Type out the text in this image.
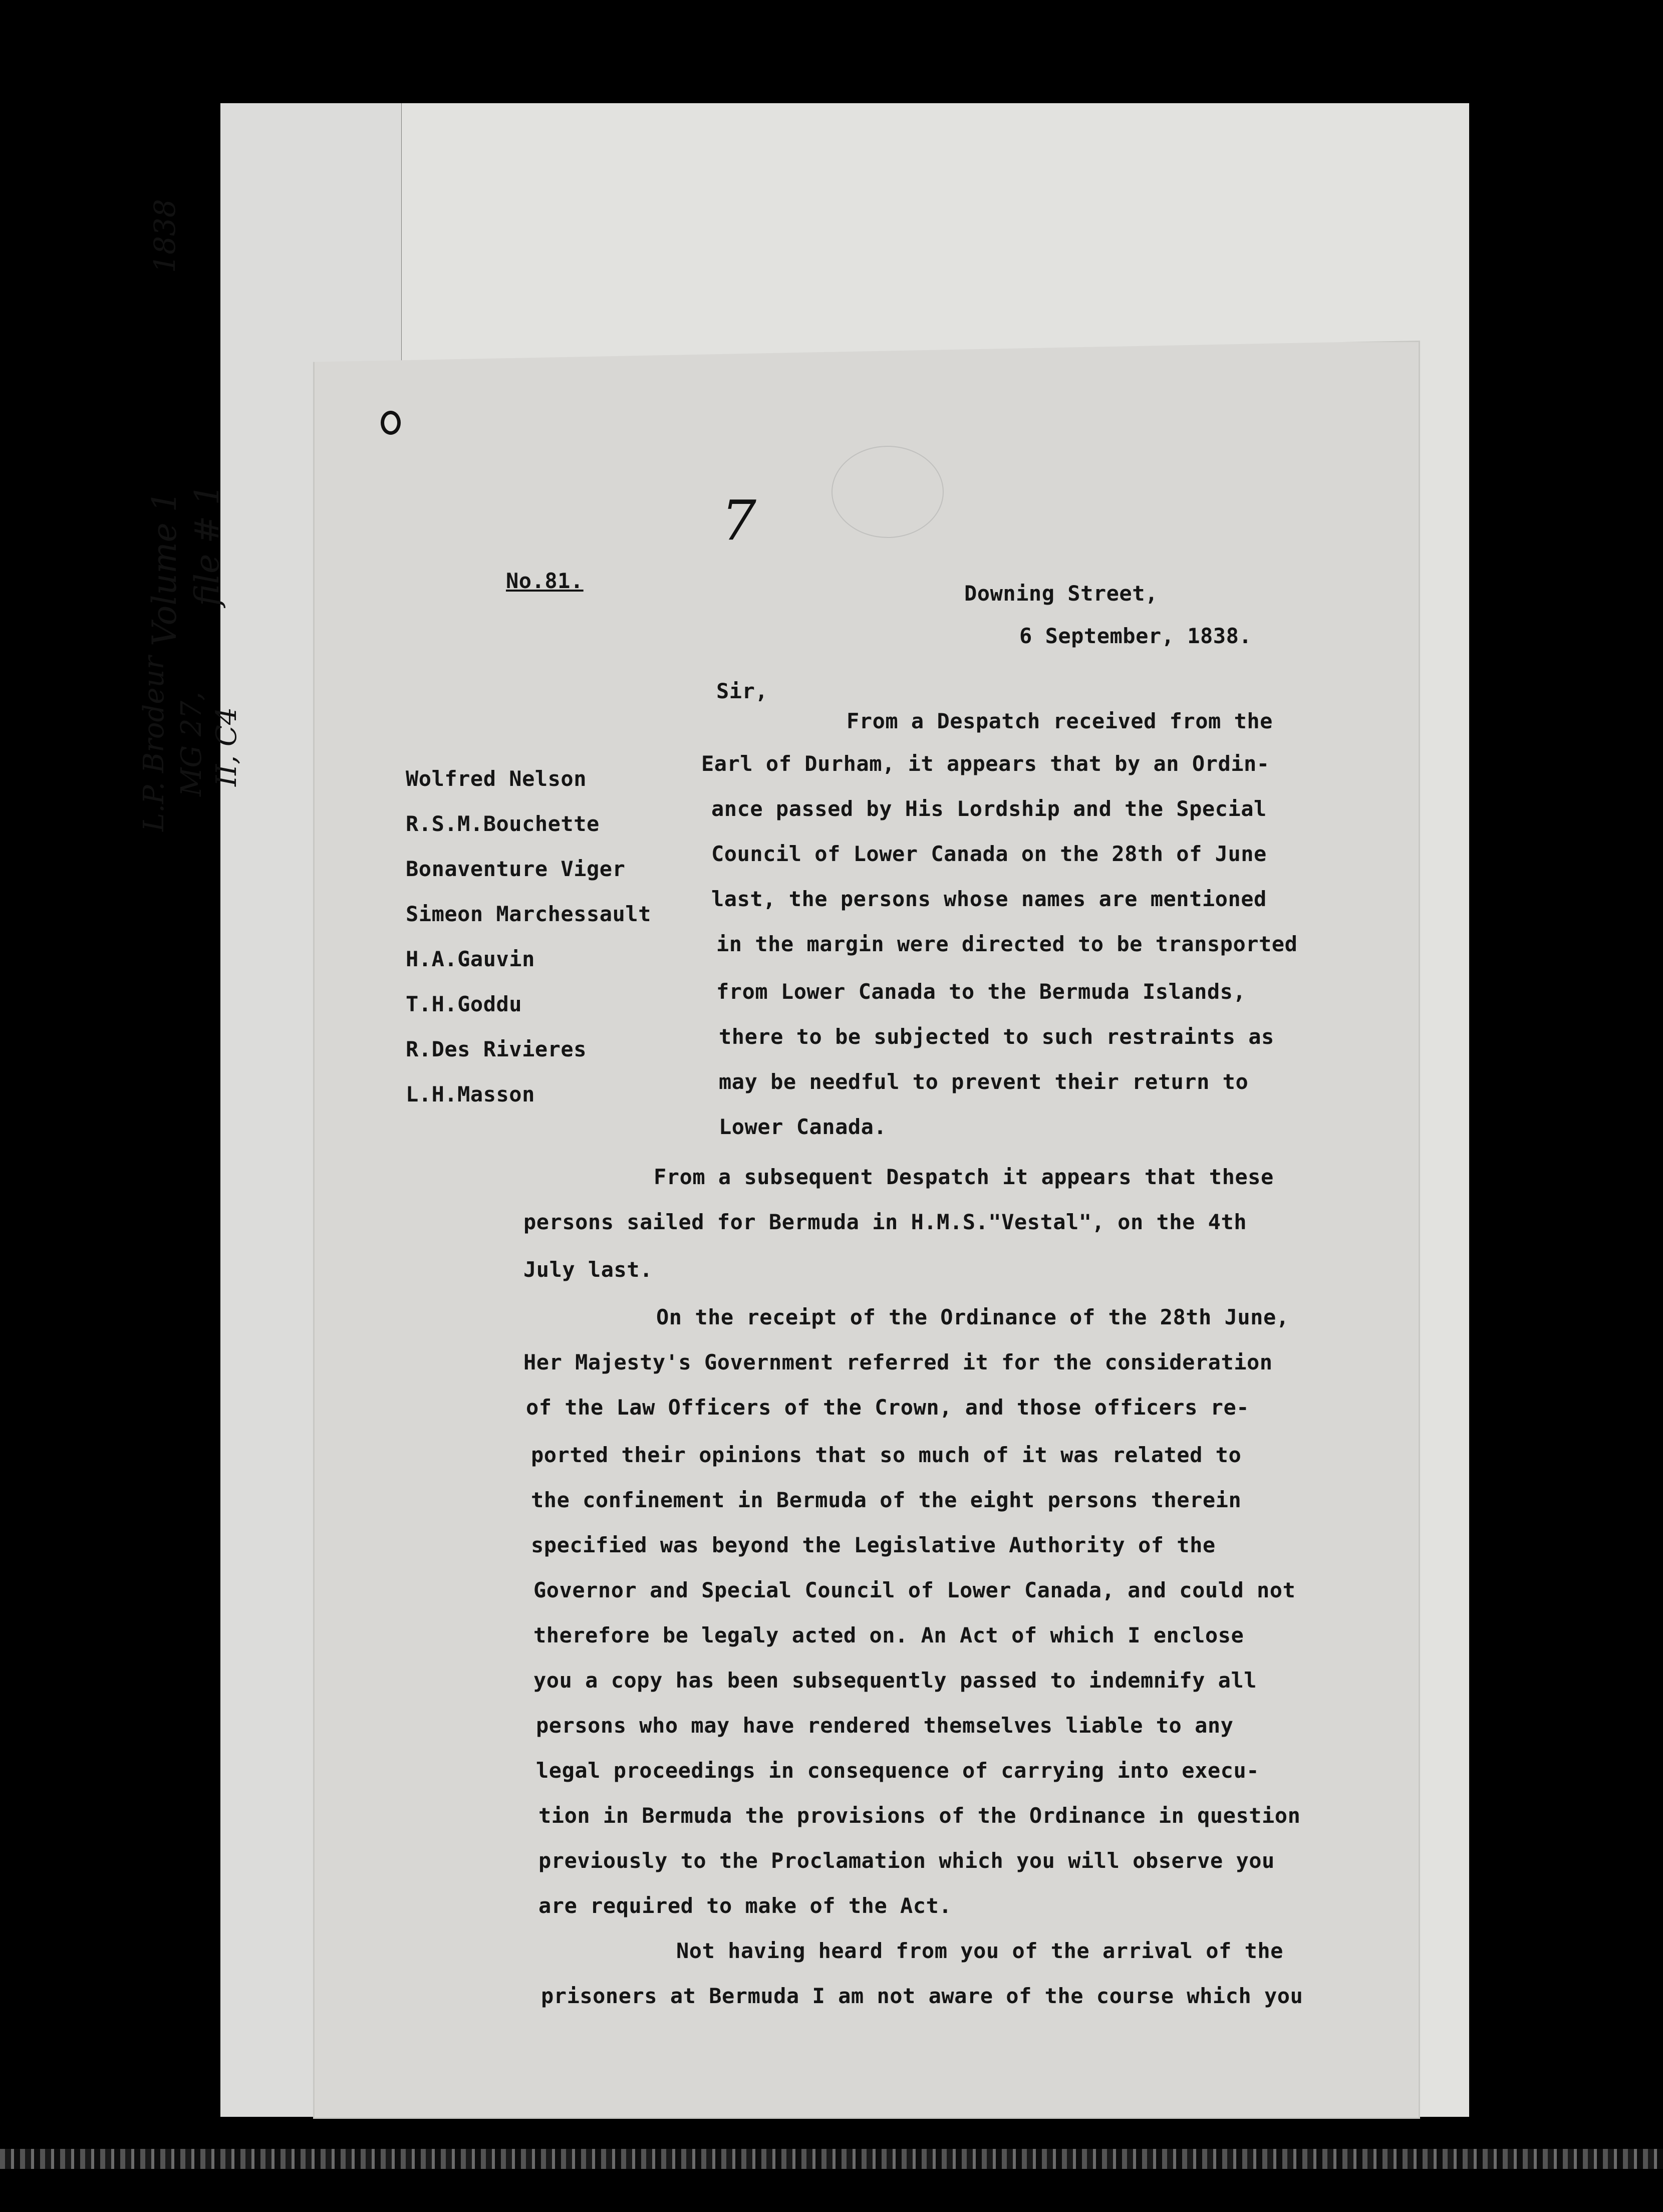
1838
Volume 1 file # 1
L.P. Brodeur MG 27, II, C4
7
No.81.
Downing Street,
6 September, 1838.
Sir,
Wolfred Nelson
R.S.M.Bouchette
Bonaventure Viger
Simeon Marchessault
H.A.Gauvin
T.H.Goddu
R.Des Rivieres
L.H.Masson
From a Despatch received from the
Earl of Durham, it appears that by an Ordin-
ance passed by His Lordship and the Special
Council of Lower Canada on the 28th of June
last, the persons whose names are mentioned
in the margin were directed to be transported
from Lower Canada to the Bermuda Islands,
there to be subjected to such restraints as
may be needful to prevent their return to
Lower Canada.
From a subsequent Despatch it appears that these
persons sailed for Bermuda in H.M.S."Vestal", on the 4th
July last.
On the receipt of the Ordinance of the 28th June,
Her Majesty's Government referred it for the consideration
of the Law Officers of the Crown, and those officers re-
ported their opinions that so much of it was related to
the confinement in Bermuda of the eight persons therein
specified was beyond the Legislative Authority of the
Governor and Special Council of Lower Canada, and could not
therefore be legaly acted on. An Act of which I enclose
you a copy has been subsequently passed to indemnify all
persons who may have rendered themselves liable to any
legal proceedings in consequence of carrying into execu-
tion in Bermuda the provisions of the Ordinance in question
previously to the Proclamation which you will observe you
are required to make of the Act.
Not having heard from you of the arrival of the
prisoners at Bermuda I am not aware of the course which you
